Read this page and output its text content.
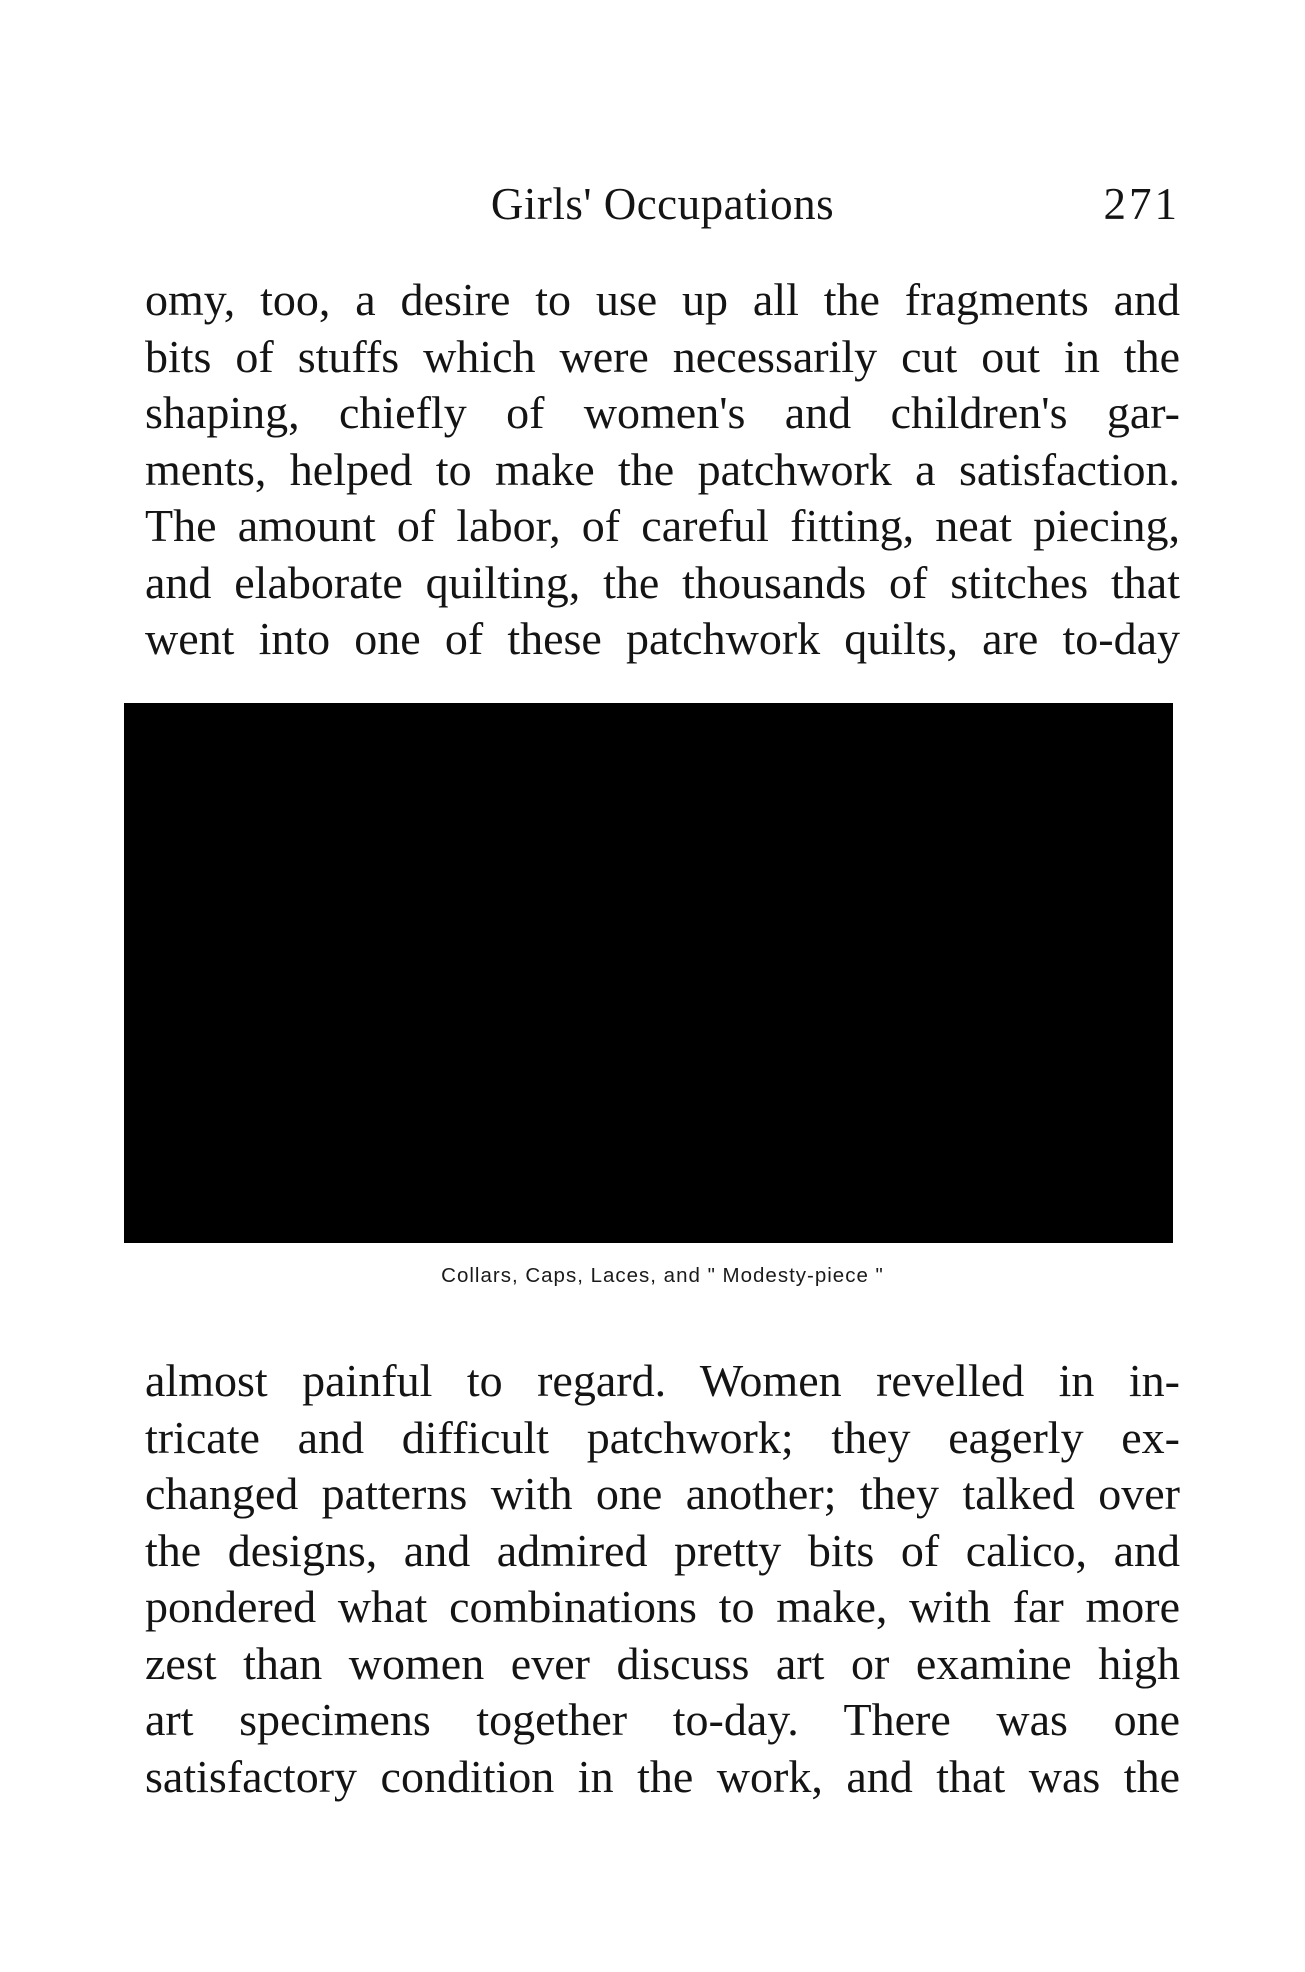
Girls' Occupations	271
omy, too, a desire to use up all the fragments and
bits of stuffs which were necessarily cut out in the
shaping, chiefly of women's and children's gar-
ments, helped to make the patchwork a satisfaction.
The amount of labor, of careful fitting, neat piecing,
and elaborate quilting, the thousands of stitches that
went into one of these patchwork quilts, are to-day
Collars, Caps, Laces, and " Modesty-piece "
almost painful to regard. Women revelled in in-
tricate and difficult patchwork; they eagerly ex-
changed patterns with one another; they talked over
the designs, and admired pretty bits of calico, and
pondered what combinations to make, with far more
zest than women ever discuss art or examine high
art specimens together to-day. There was one
satisfactory condition in the work, and that was the
